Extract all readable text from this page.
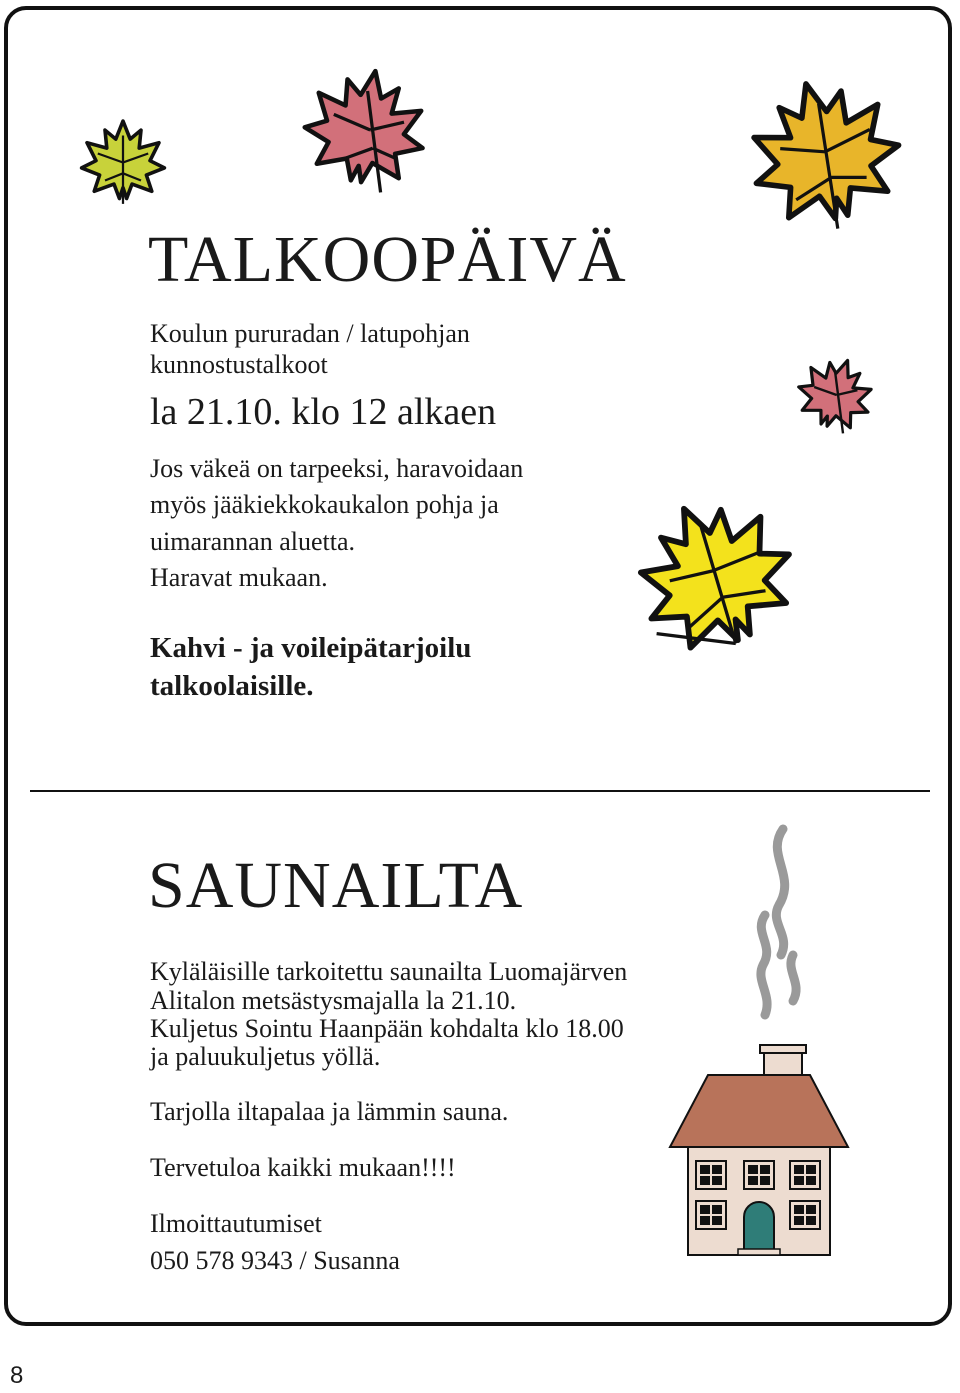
TALKOOPÄIVÄ

Koulun pururadan / latupohjan

kunnostustalkoot

la 21.10. klo 12 alkaen

Jos väkeä on tarpeeksi, haravoidaan

myös jääkiekkokaukalon pohja ja

uimarannan aluetta.

Haravat mukaan.

Kahvi - ja voileipätarjoilu

talkoolaisille.

SAUNAILTA

Kyläläisille tarkoitettu saunailta Luomajärven

Alitalon metsästysmajalla la 21.10.

Kuljetus Sointu Haanpään kohdalta klo 18.00

ja paluukuljetus yöllä.

Tarjolla iltapalaa ja lämmin sauna.

Tervetuloa kaikki mukaan!!!!

Ilmoittautumiset

050 578 9343 / Susanna

8
